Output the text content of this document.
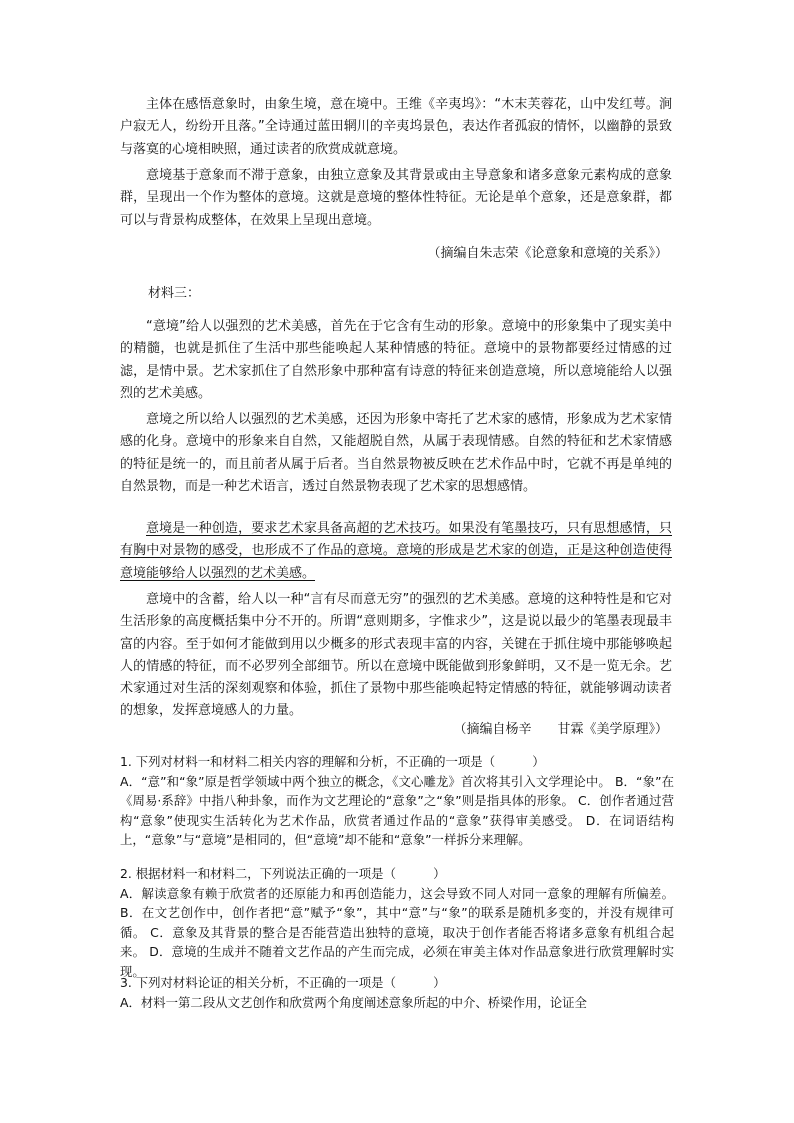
主体在感悟意象时，由象生境，意在境中。王维《辛夷坞》：“木末芙蓉花，山中发红萼。涧户寂无人，纷纷开且落。”全诗通过蓝田辋川的辛夷坞景色，表达作者孤寂的情怀，以幽静的景致与落寞的心境相映照，通过读者的欣赏成就意境。

意境基于意象而不滞于意象，由独立意象及其背景或由主导意象和诸多意象元素构成的意象群，呈现出一个作为整体的意境。这就是意境的整体性特征。无论是单个意象，还是意象群，都可以与背景构成整体，在效果上呈现出意境。

（摘编自朱志荣《论意象和意境的关系》）

材料三：

“意境”给人以强烈的艺术美感，首先在于它含有生动的形象。意境中的形象集中了现实美中的精髓，也就是抓住了生活中那些能唤起人某种情感的特征。意境中的景物都要经过情感的过滤，是情中景。艺术家抓住了自然形象中那种富有诗意的特征来创造意境，所以意境能给人以强烈的艺术美感。

意境之所以给人以强烈的艺术美感，还因为形象中寄托了艺术家的感情，形象成为艺术家情感的化身。意境中的形象来自自然，又能超脱自然，从属于表现情感。自然的特征和艺术家情感的特征是统一的，而且前者从属于后者。当自然景物被反映在艺术作品中时，它就不再是单纯的自然景物，而是一种艺术语言，透过自然景物表现了艺术家的思想感情。

意境是一种创造，要求艺术家具备高超的艺术技巧。如果没有笔墨技巧，只有思想感情，只有胸中对景物的感受，也形成不了作品的意境。意境的形成是艺术家的创造，正是这种创造使得意境能够给人以强烈的艺术美感。

意境中的含蓄，给人以一种“言有尽而意无穷”的强烈的艺术美感。意境的这种特性是和它对生活形象的高度概括集中分不开的。所谓“意则期多，字惟求少”，这是说以最少的笔墨表现最丰富的内容。至于如何才能做到用以少概多的形式表现丰富的内容，关键在于抓住境中那能够唤起人的情感的特征，而不必罗列全部细节。所以在意境中既能做到形象鲜明，又不是一览无余。艺术家通过对生活的深刻观察和体验，抓住了景物中那些能唤起特定情感的特征，就能够调动读者的想象，发挥意境感人的力量。

（摘编自杨辛　　甘霖《美学原理》）

1. 下列对材料一和材料二相关内容的理解和分析，不正确的一项是（　　　）
A．“意”和“象”原是哲学领域中两个独立的概念，《文心雕龙》首次将其引入文学理论中。 B．“象”在《周易·系辞》中指八种卦象，而作为文艺理论的“意象”之“象”则是指具体的形象。 C．创作者通过营构“意象”使现实生活转化为艺术作品，欣赏者通过作品的“意象”获得审美感受。 D．在词语结构上，“意象”与“意境”是相同的，但“意境”却不能和“意象”一样拆分来理解。
2. 根据材料一和材料二，下列说法正确的一项是（　　　）
A．解读意象有赖于欣赏者的还原能力和再创造能力，这会导致不同人对同一意象的理解有所偏差。 B．在文艺创作中，创作者把“意”赋予“象”，其中“意”与“象”的联系是随机多变的，并没有规律可循。 C．意象及其背景的整合是否能营造出独特的意境，取决于创作者能否将诸多意象有机组合起来。 D．意境的生成并不随着文艺作品的产生而完成，必须在审美主体对作品意象进行欣赏理解时实现。
3. 下列对材料论证的相关分析，不正确的一项是（　　　）
A．材料一第二段从文艺创作和欣赏两个角度阐述意象所起的中介、桥梁作用，论证全
